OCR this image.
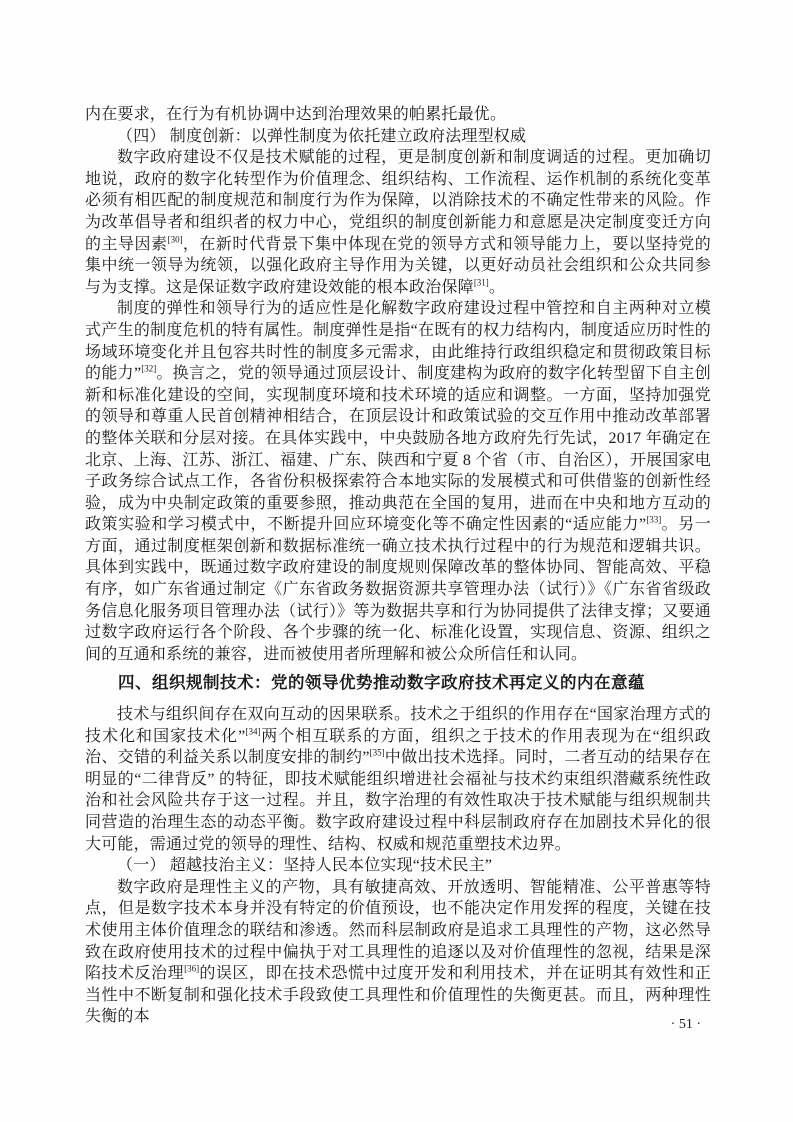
内在要求，在行为有机协调中达到治理效果的帕累托最优。

（四） 制度创新：以弹性制度为依托建立政府法理型权威

数字政府建设不仅是技术赋能的过程，更是制度创新和制度调适的过程。更加确切地说，政府的数字化转型作为价值理念、组织结构、工作流程、运作机制的系统化变革必须有相匹配的制度规范和制度行为作为保障，以消除技术的不确定性带来的风险。作为改革倡导者和组织者的权力中心，党组织的制度创新能力和意愿是决定制度变迁方向的主导因素[30]，在新时代背景下集中体现在党的领导方式和领导能力上，要以坚持党的集中统一领导为统领，以强化政府主导作用为关键，以更好动员社会组织和公众共同参与为支撑。这是保证数字政府建设效能的根本政治保障[31]。

制度的弹性和领导行为的适应性是化解数字政府建设过程中管控和自主两种对立模式产生的制度危机的特有属性。制度弹性是指“在既有的权力结构内，制度适应历时性的场域环境变化并且包容共时性的制度多元需求，由此维持行政组织稳定和贯彻政策目标的能力”[32]。换言之，党的领导通过顶层设计、制度建构为政府的数字化转型留下自主创新和标准化建设的空间，实现制度环境和技术环境的适应和调整。一方面，坚持加强党的领导和尊重人民首创精神相结合，在顶层设计和政策试验的交互作用中推动改革部署的整体关联和分层对接。在具体实践中，中央鼓励各地方政府先行先试，2017 年确定在北京、上海、江苏、浙江、福建、广东、陕西和宁夏 8 个省（市、自治区），开展国家电子政务综合试点工作，各省份积极探索符合本地实际的发展模式和可供借鉴的创新性经验，成为中央制定政策的重要参照，推动典范在全国的复用，进而在中央和地方互动的政策实验和学习模式中，不断提升回应环境变化等不确定性因素的“适应能力”[33]。另一方面，通过制度框架创新和数据标准统一确立技术执行过程中的行为规范和逻辑共识。具体到实践中，既通过数字政府建设的制度规则保障改革的整体协同、智能高效、平稳有序，如广东省通过制定《广东省政务数据资源共享管理办法（试行）》《广东省省级政务信息化服务项目管理办法（试行）》等为数据共享和行为协同提供了法律支撑；又要通过数字政府运行各个阶段、各个步骤的统一化、标准化设置，实现信息、资源、组织之间的互通和系统的兼容，进而被使用者所理解和被公众所信任和认同。

四、组织规制技术：党的领导优势推动数字政府技术再定义的内在意蕴

技术与组织间存在双向互动的因果联系。技术之于组织的作用存在“国家治理方式的技术化和国家技术化”[34]两个相互联系的方面，组织之于技术的作用表现为在“组织政治、交错的利益关系以制度安排的制约”[35]中做出技术选择。同时，二者互动的结果存在明显的“二律背反” 的特征，即技术赋能组织增进社会福祉与技术约束组织潜藏系统性政治和社会风险共存于这一过程。并且，数字治理的有效性取决于技术赋能与组织规制共同营造的治理生态的动态平衡。数字政府建设过程中科层制政府存在加剧技术异化的很大可能，需通过党的领导的理性、结构、权威和规范重塑技术边界。

（一） 超越技治主义：坚持人民本位实现“技术民主”

数字政府是理性主义的产物，具有敏捷高效、开放透明、智能精准、公平普惠等特点，但是数字技术本身并没有特定的价值预设，也不能决定作用发挥的程度，关键在技术使用主体价值理念的联结和渗透。然而科层制政府是追求工具理性的产物，这必然导致在政府使用技术的过程中偏执于对工具理性的追逐以及对价值理性的忽视，结果是深陷技术反治理[36]的误区，即在技术恐慌中过度开发和利用技术，并在证明其有效性和正当性中不断复制和强化技术手段致使工具理性和价值理性的失衡更甚。而且，两种理性失衡的本	· 51 ·
